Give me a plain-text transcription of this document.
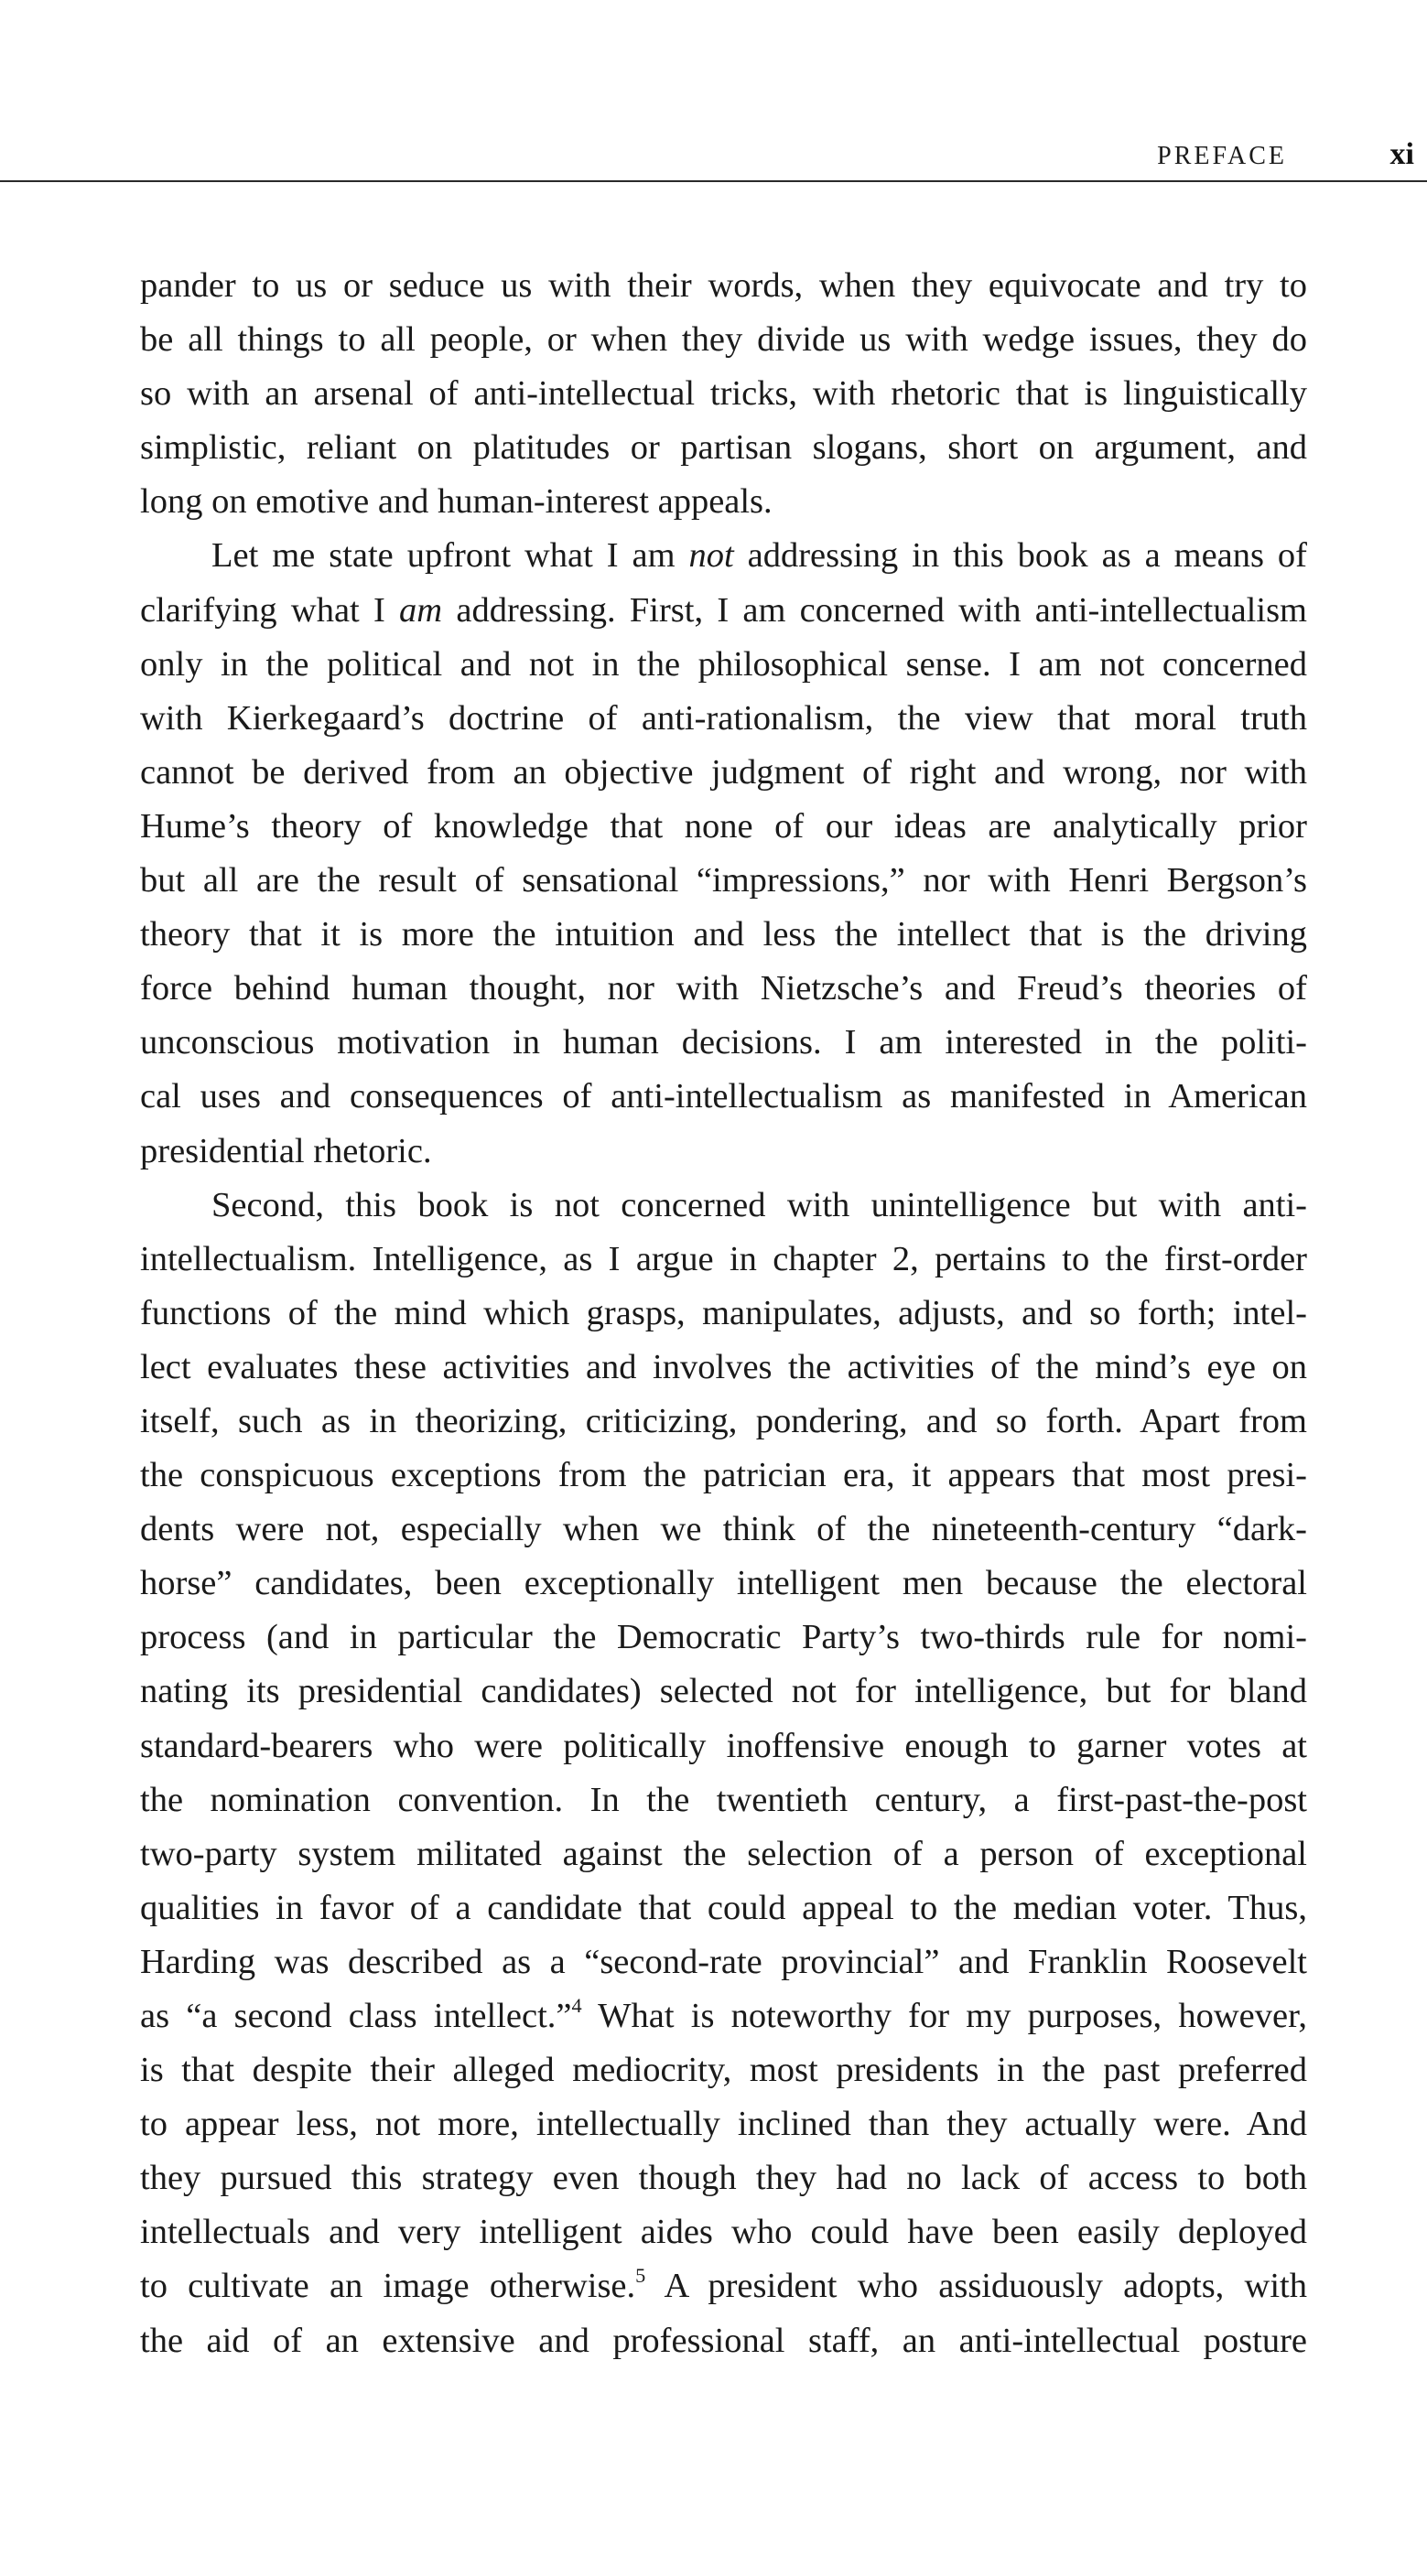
PREFACE	xi
pander to us or seduce us with their words, when they equivocate and try to
be all things to all people, or when they divide us with wedge issues, they do
so with an arsenal of anti-intellectual tricks, with rhetoric that is linguistically
simplistic, reliant on platitudes or partisan slogans, short on argument, and
long on emotive and human-interest appeals.
Let me state upfront what I am not addressing in this book as a means of
clarifying what I am addressing. First, I am concerned with anti-intellectualism
only in the political and not in the philosophical sense. I am not concerned
with Kierkegaard’s doctrine of anti-rationalism, the view that moral truth
cannot be derived from an objective judgment of right and wrong, nor with
Hume’s theory of knowledge that none of our ideas are analytically prior
but all are the result of sensational “impressions,” nor with Henri Bergson’s
theory that it is more the intuition and less the intellect that is the driving
force behind human thought, nor with Nietzsche’s and Freud’s theories of
unconscious motivation in human decisions. I am interested in the politi-
cal uses and consequences of anti-intellectualism as manifested in American
presidential rhetoric.
Second, this book is not concerned with unintelligence but with anti-
intellectualism. Intelligence, as I argue in chapter 2, pertains to the first-order
functions of the mind which grasps, manipulates, adjusts, and so forth; intel-
lect evaluates these activities and involves the activities of the mind’s eye on
itself, such as in theorizing, criticizing, pondering, and so forth. Apart from
the conspicuous exceptions from the patrician era, it appears that most presi-
dents were not, especially when we think of the nineteenth-century “dark-
horse” candidates, been exceptionally intelligent men because the electoral
process (and in particular the Democratic Party’s two-thirds rule for nomi-
nating its presidential candidates) selected not for intelligence, but for bland
standard-bearers who were politically inoffensive enough to garner votes at
the nomination convention. In the twentieth century, a first-past-the-post
two-party system militated against the selection of a person of exceptional
qualities in favor of a candidate that could appeal to the median voter. Thus,
Harding was described as a “second-rate provincial” and Franklin Roosevelt
as “a second class intellect.”$^4$ What is noteworthy for my purposes, however,
is that despite their alleged mediocrity, most presidents in the past preferred
to appear less, not more, intellectually inclined than they actually were. And
they pursued this strategy even though they had no lack of access to both
intellectuals and very intelligent aides who could have been easily deployed
to cultivate an image otherwise.$^5$ A president who assiduously adopts, with
the aid of an extensive and professional staff, an anti-intellectual posture
